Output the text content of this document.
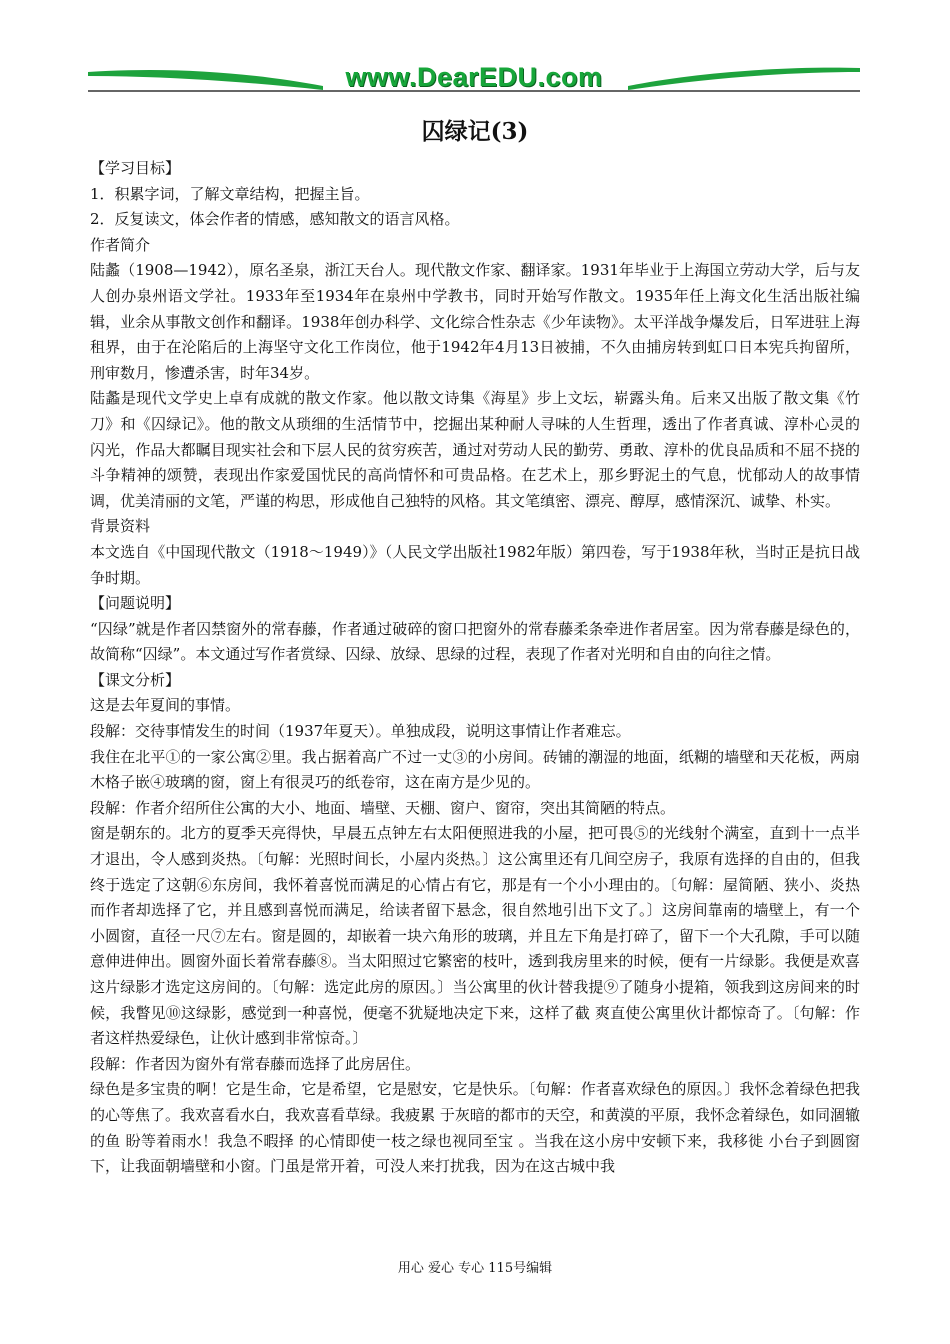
www.DearEDU.com
囚绿记(3)

【学习目标】

1．积累字词，了解文章结构，把握主旨。

2．反复读文，体会作者的情感，感知散文的语言风格。

作者简介

陆蠡（1908—1942），原名圣泉，浙江天台人。现代散文作家、翻译家。1931年毕业于上海国立劳动大学，后与友人创办泉州语文学社。1933年至1934年在泉州中学教书，同时开始写作散文。1935年任上海文化生活出版社编辑，业余从事散文创作和翻译。1938年创办科学、文化综合性杂志《少年读物》。太平洋战争爆发后，日军进驻上海租界，由于在沦陷后的上海坚守文化工作岗位，他于1942年4月13日被捕，不久由捕房转到虹口日本宪兵拘留所，刑审数月，惨遭杀害，时年34岁。

陆蠡是现代文学史上卓有成就的散文作家。他以散文诗集《海星》步上文坛，崭露头角。后来又出版了散文集《竹刀》和《囚绿记》。他的散文从琐细的生活情节中，挖掘出某种耐人寻味的人生哲理，透出了作者真诚、淳朴心灵的闪光，作品大都瞩目现实社会和下层人民的贫穷疾苦，通过对劳动人民的勤劳、勇敢、淳朴的优良品质和不屈不挠的斗争精神的颂赞，表现出作家爱国忧民的高尚情怀和可贵品格。在艺术上，那乡野泥土的气息，忧郁动人的故事情调，优美清丽的文笔，严谨的构思，形成他自己独特的风格。其文笔缜密、漂亮、醇厚，感情深沉、诚挚、朴实。

背景资料

本文选自《中国现代散文（1918～1949）》（人民文学出版社1982年版）第四卷，写于1938年秋，当时正是抗日战争时期。

【问题说明】

“囚绿”就是作者囚禁窗外的常春藤，作者通过破碎的窗口把窗外的常春藤柔条牵进作者居室。因为常春藤是绿色的，故简称“囚绿”。本文通过写作者赏绿、囚绿、放绿、思绿的过程，表现了作者对光明和自由的向往之情。

【课文分析】

这是去年夏间的事情。

段解：交待事情发生的时间（1937年夏天）。单独成段，说明这事情让作者难忘。

我住在北平①的一家公寓②里。我占据着高广不过一丈③的小房间。砖铺的潮湿的地面，纸糊的墙壁和天花板，两扇木格子嵌④玻璃的窗，窗上有很灵巧的纸卷帘，这在南方是少见的。

段解：作者介绍所住公寓的大小、地面、墙壁、天棚、窗户、窗帘，突出其简陋的特点。

窗是朝东的。北方的夏季天亮得快，早晨五点钟左右太阳便照进我的小屋，把可畏⑤的光线射个满室，直到十一点半才退出，令人感到炎热。〔句解：光照时间长，小屋内炎热。〕这公寓里还有几间空房子，我原有选择的自由的，但我终于选定了这朝⑥东房间，我怀着喜悦而满足的心情占有它，那是有一个小小理由的。〔句解：屋简陋、狭小、炎热而作者却选择了它，并且感到喜悦而满足，给读者留下悬念，很自然地引出下文了。〕这房间靠南的墙壁上，有一个小圆窗，直径一尺⑦左右。窗是圆的，却嵌着一块六角形的玻璃，并且左下角是打碎了，留下一个大孔隙，手可以随意伸进伸出。圆窗外面长着常春藤⑧。当太阳照过它繁密的枝叶，透到我房里来的时候，便有一片绿影。我便是欢喜这片绿影才选定这房间的。〔句解：选定此房的原因。〕当公寓里的伙计替我提⑨了随身小提箱，领我到这房间来的时候，我瞥见⑩这绿影，感觉到一种喜悦，便毫不犹疑地决定下来，这样了截 爽直使公寓里伙计都惊奇了。〔句解：作者这样热爱绿色，让伙计感到非常惊奇。〕

段解：作者因为窗外有常春藤而选择了此房居住。

绿色是多宝贵的啊！它是生命，它是希望，它是慰安，它是快乐。〔句解：作者喜欢绿色的原因。〕我怀念着绿色把我的心等焦了。我欢喜看水白，我欢喜看草绿。我疲累 于灰暗的都市的天空，和黄漠的平原，我怀念着绿色，如同涸辙的鱼 盼等着雨水！我急不暇择 的心情即使一枝之绿也视同至宝 。当我在这小房中安顿下来，我移徙 小台子到圆窗下，让我面朝墙壁和小窗。门虽是常开着，可没人来打扰我，因为在这古城中我

用心 爱心 专心 115号编辑
